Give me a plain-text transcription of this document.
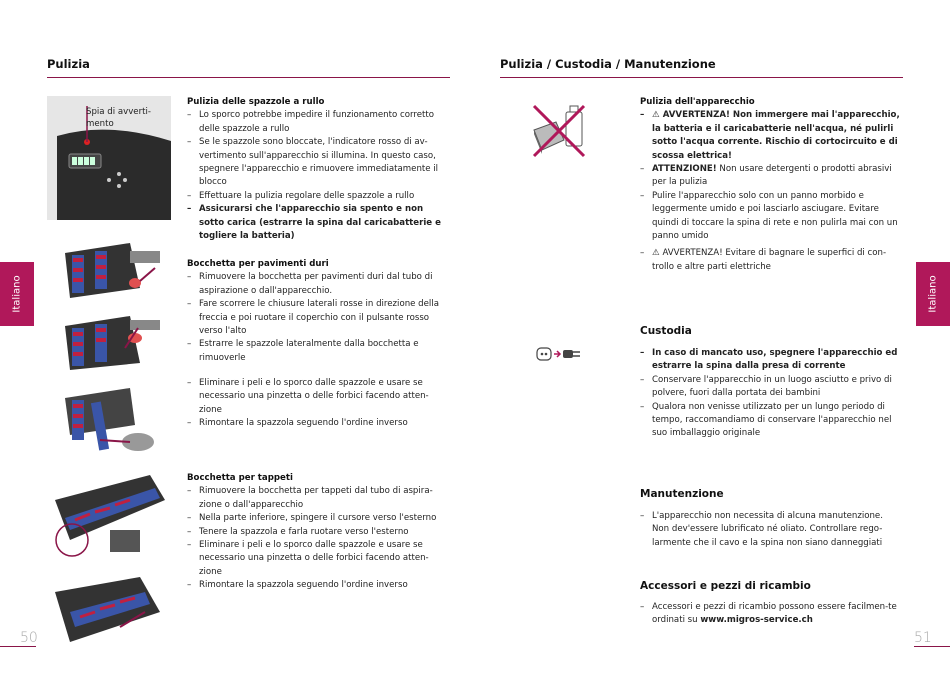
Pulizia
Italiano
Spia di avverti-
mento
Pulizia delle spazzole a rullo
– Lo sporco potrebbe impedire il funzionamento corretto delle spazzole a rullo
– Se le spazzole sono bloccate, l'indicatore rosso di av-vertimento sull'apparecchio si illumina. In questo caso, spegnere l'apparecchio e rimuovere immediatamente il blocco
– Effettuare la pulizia regolare delle spazzole a rullo
– Assicurarsi che l'apparecchio sia spento e non sotto carica (estrarre la spina dal caricabatterie e togliere la batteria)
Bocchetta per pavimenti duri
– Rimuovere la bocchetta per pavimenti duri dal tubo di aspirazione o dall'apparecchio.
– Fare scorrere le chiusure laterali rosse in direzione della freccia e poi ruotare il coperchio con il pulsante rosso verso l'alto
– Estrarre le spazzole lateralmente dalla bocchetta e rimuoverle
– Eliminare i peli e lo sporco dalle spazzole e usare se necessario una pinzetta o delle forbici facendo atten-zione
– Rimontare la spazzola seguendo l'ordine inverso
Bocchetta per tappeti
– Rimuovere la bocchetta per tappeti dal tubo di aspira-zione o dall'apparecchio
– Nella parte inferiore, spingere il cursore verso l'esterno
– Tenere la spazzola e farla ruotare verso l'esterno
– Eliminare i peli e lo sporco dalle spazzole e usare se necessario una pinzetta o delle forbici facendo atten-zione
– Rimontare la spazzola seguendo l'ordine inverso
50
Pulizia / Custodia / Manutenzione
Italiano
Pulizia dell'apparecchio
– ⚠ AVVERTENZA! Non immergere mai l'apparecchio, la batteria e il caricabatterie nell'acqua, né pulirli sotto l'acqua corrente. Rischio di cortocircuito e di scossa elettrica!
– ATTENZIONE! Non usare detergenti o prodotti abrasivi per la pulizia
– Pulire l'apparecchio solo con un panno morbido e leggermente umido e poi lasciarlo asciugare. Evitare quindi di toccare la spina di rete e non pulirla mai con un panno umido
– ⚠ AVVERTENZA! Evitare di bagnare le superfici di con-trollo e altre parti elettriche
Custodia
– In caso di mancato uso, spegnere l'apparecchio ed estrarre la spina dalla presa di corrente
– Conservare l'apparecchio in un luogo asciutto e privo di polvere, fuori dalla portata dei bambini
– Qualora non venisse utilizzato per un lungo periodo di tempo, raccomandiamo di conservare l'apparecchio nel suo imballaggio originale
Manutenzione
– L'apparecchio non necessita di alcuna manutenzione. Non dev'essere lubrificato né oliato. Controllare rego-larmente che il cavo e la spina non siano danneggiati
Accessori e pezzi di ricambio
– Accessori e pezzi di ricambio possono essere facilmen-te ordinati su www.migros-service.ch
51
